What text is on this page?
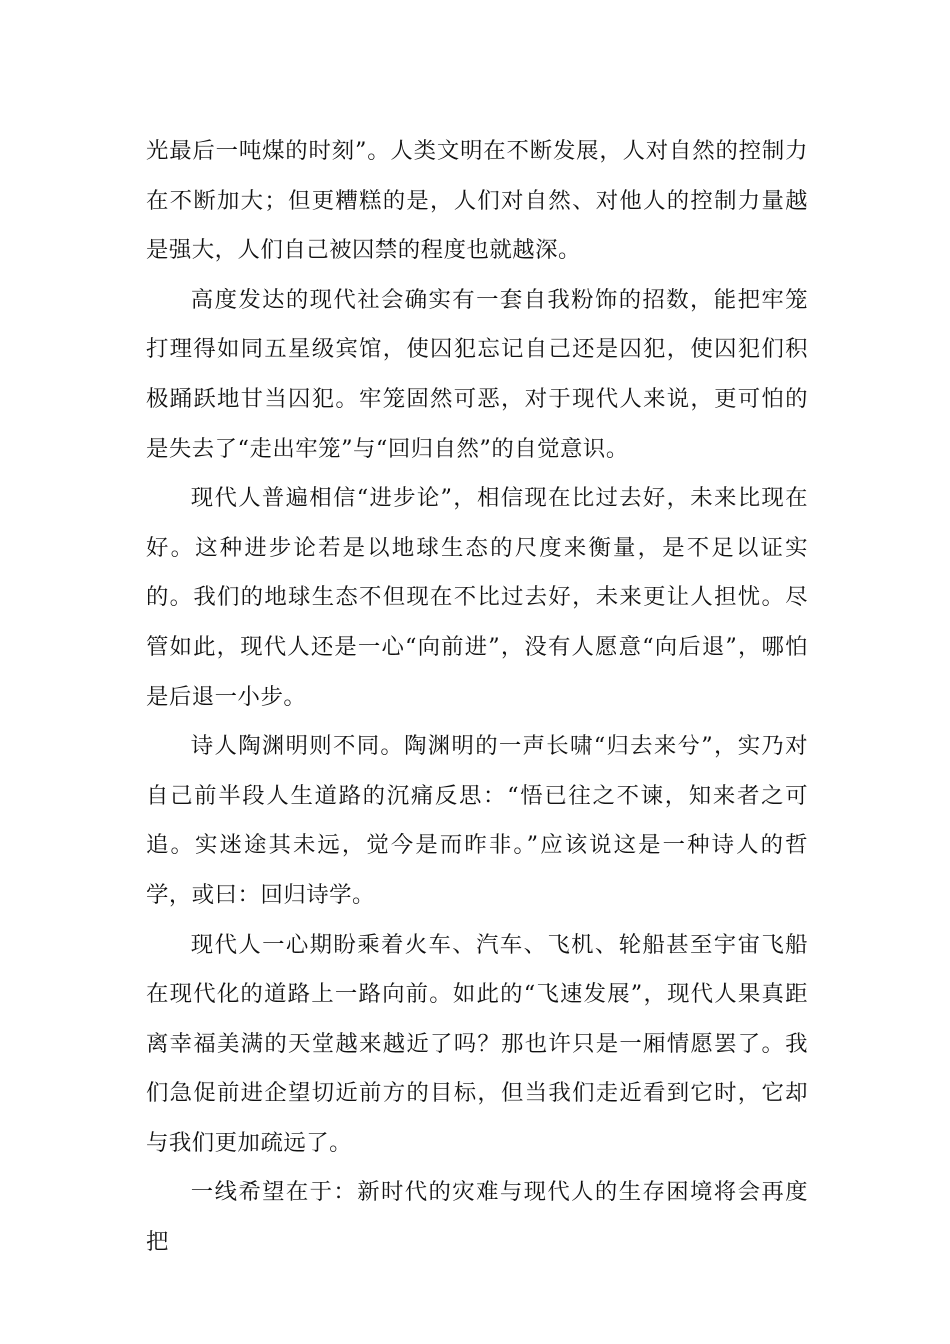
光最后一吨煤的时刻”。人类文明在不断发展，人对自然的控制力在不断加大；但更糟糕的是，人们对自然、对他人的控制力量越是强大，人们自己被囚禁的程度也就越深。

高度发达的现代社会确实有一套自我粉饰的招数，能把牢笼打理得如同五星级宾馆，使囚犯忘记自己还是囚犯，使囚犯们积极踊跃地甘当囚犯。牢笼固然可恶，对于现代人来说，更可怕的是失去了“走出牢笼”与“回归自然”的自觉意识。

现代人普遍相信“进步论”，相信现在比过去好，未来比现在好。这种进步论若是以地球生态的尺度来衡量，是不足以证实的。我们的地球生态不但现在不比过去好，未来更让人担忧。尽管如此，现代人还是一心“向前进”，没有人愿意“向后退”，哪怕是后退一小步。

诗人陶渊明则不同。陶渊明的一声长啸“归去来兮”，实乃对自己前半段人生道路的沉痛反思：“悟已往之不谏，知来者之可追。实迷途其未远，觉今是而昨非。”应该说这是一种诗人的哲学，或曰：回归诗学。

现代人一心期盼乘着火车、汽车、飞机、轮船甚至宇宙飞船在现代化的道路上一路向前。如此的“飞速发展”，现代人果真距离幸福美满的天堂越来越近了吗？那也许只是一厢情愿罢了。我们急促前进企望切近前方的目标，但当我们走近看到它时，它却与我们更加疏远了。

一线希望在于：新时代的灾难与现代人的生存困境将会再度把
